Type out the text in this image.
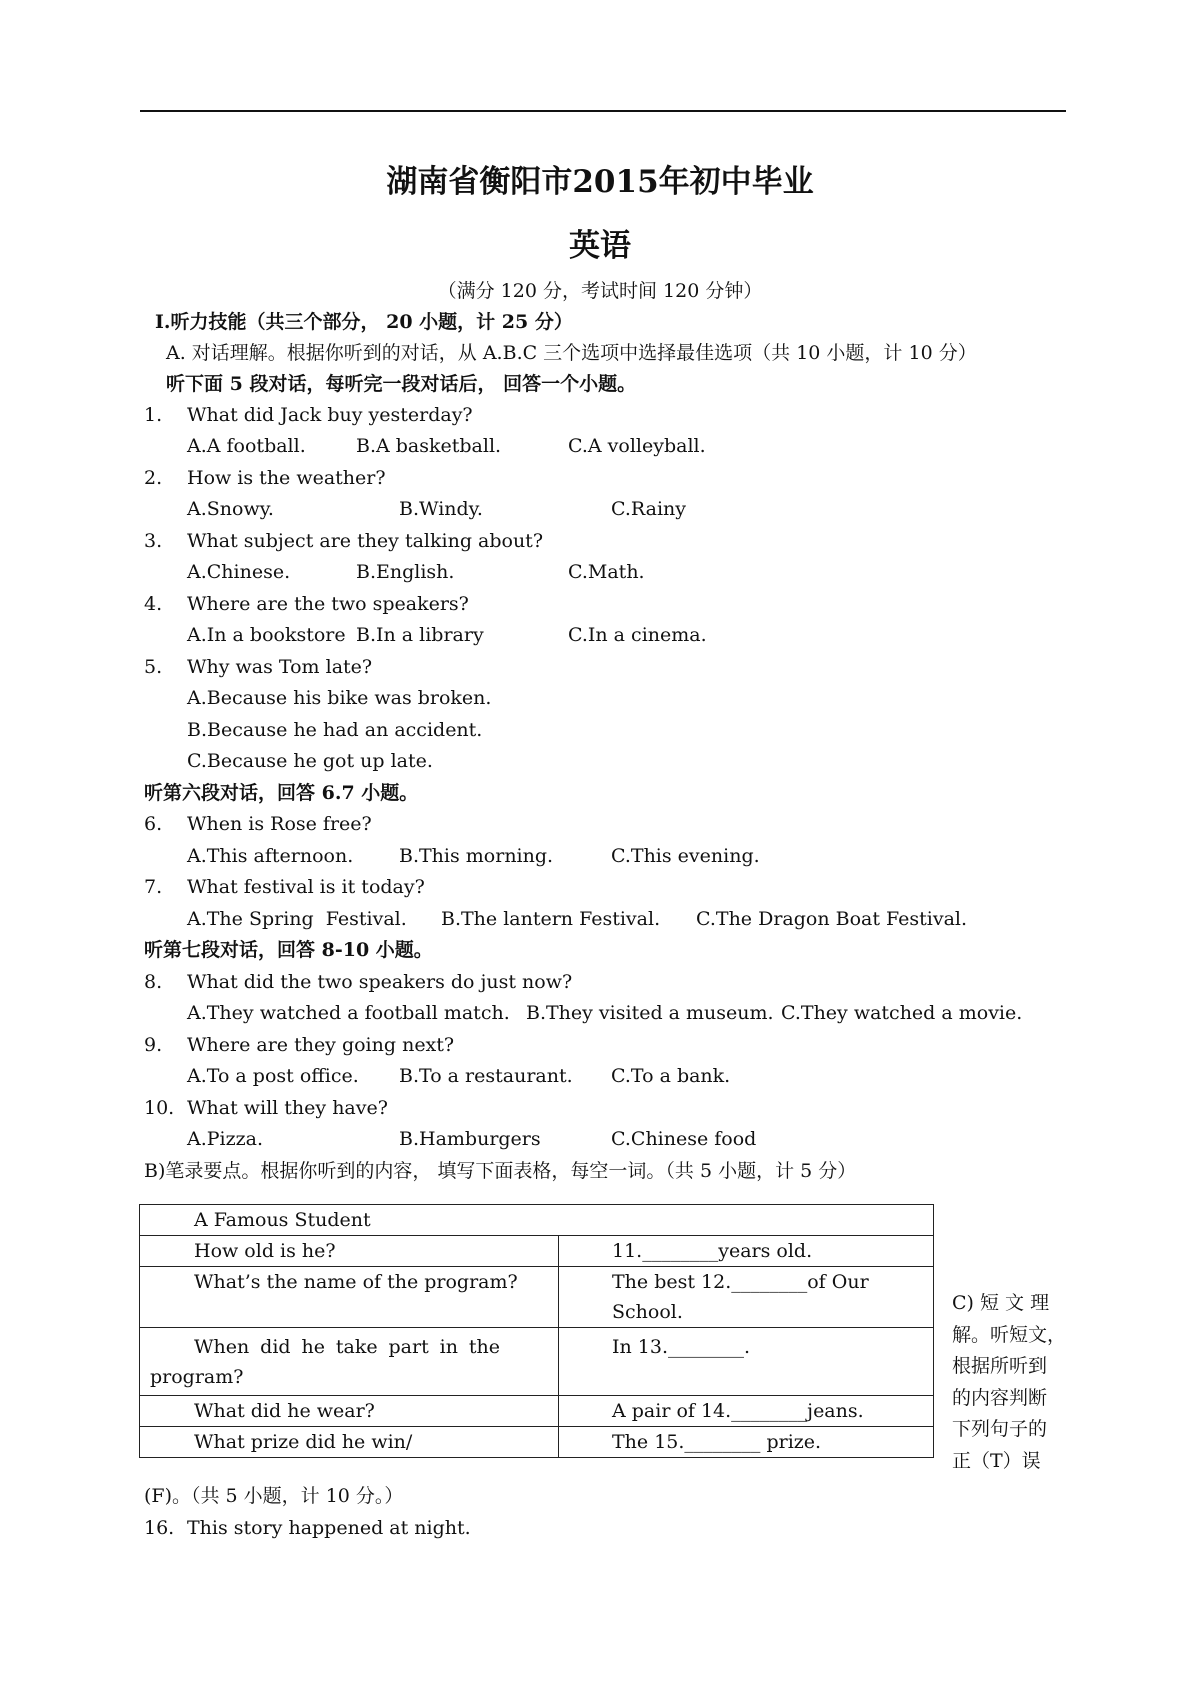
湖南省衡阳市2015年初中毕业
英语
（满分 120 分，考试时间 120 分钟）
I.听力技能（共三个部分， 20 小题，计 25 分）
A. 对话理解。根据你听到的对话，从 A.B.C 三个选项中选择最佳选项（共 10 小题，计 10 分）
听下面 5 段对话，每听完一段对话后， 回答一个小题。
1. What did Jack buy yesterday?
A.A football.	B.A basketball.	C.A volleyball.
2. How is the weather?
A.Snowy.	B.Windy.	C.Rainy
3. What subject are they talking about?
A.Chinese.	B.English.	C.Math.
4. Where are the two speakers?
A.In a bookstore B.In a library	C.In a cinema.
5. Why was Tom late?
A.Because his bike was broken.
B.Because he had an accident.
C.Because he got up late.
听第六段对话，回答 6.7 小题。
6. When is Rose free?
A.This afternoon. B.This morning.	C.This evening.
7. What festival is it today?
A.The Spring  Festival. B.The lantern Festival. C.The Dragon Boat Festival.
听第七段对话，回答 8-10 小题。
8. What did the two speakers do just now?
A.They watched a football match. B.They visited a museum. C.They watched a movie.
9. Where are they going next?
A.To a post office. B.To a restaurant. C.To a bank.
10. What will they have?
A.Pizza.	B.Hamburgers	C.Chinese food
B)笔录要点。根据你听到的内容， 填写下面表格，每空一词。（共 5 小题，计 5 分）
A Famous Student	
How old is he?	11.________years old.
What’s the name of the program?	The best 12.________of Our School.

When did he take part in the
program?	In 13.________.
What did he wear?	A pair of 14.________jeans.
What prize did he win/	The 15.________ prize.
C) 短 文 理
解。听短文，
根据所听到
的内容判断
下列句子的
正（T）误
(F)。（共 5 小题，计 10 分。）
16. This story happened at night.
